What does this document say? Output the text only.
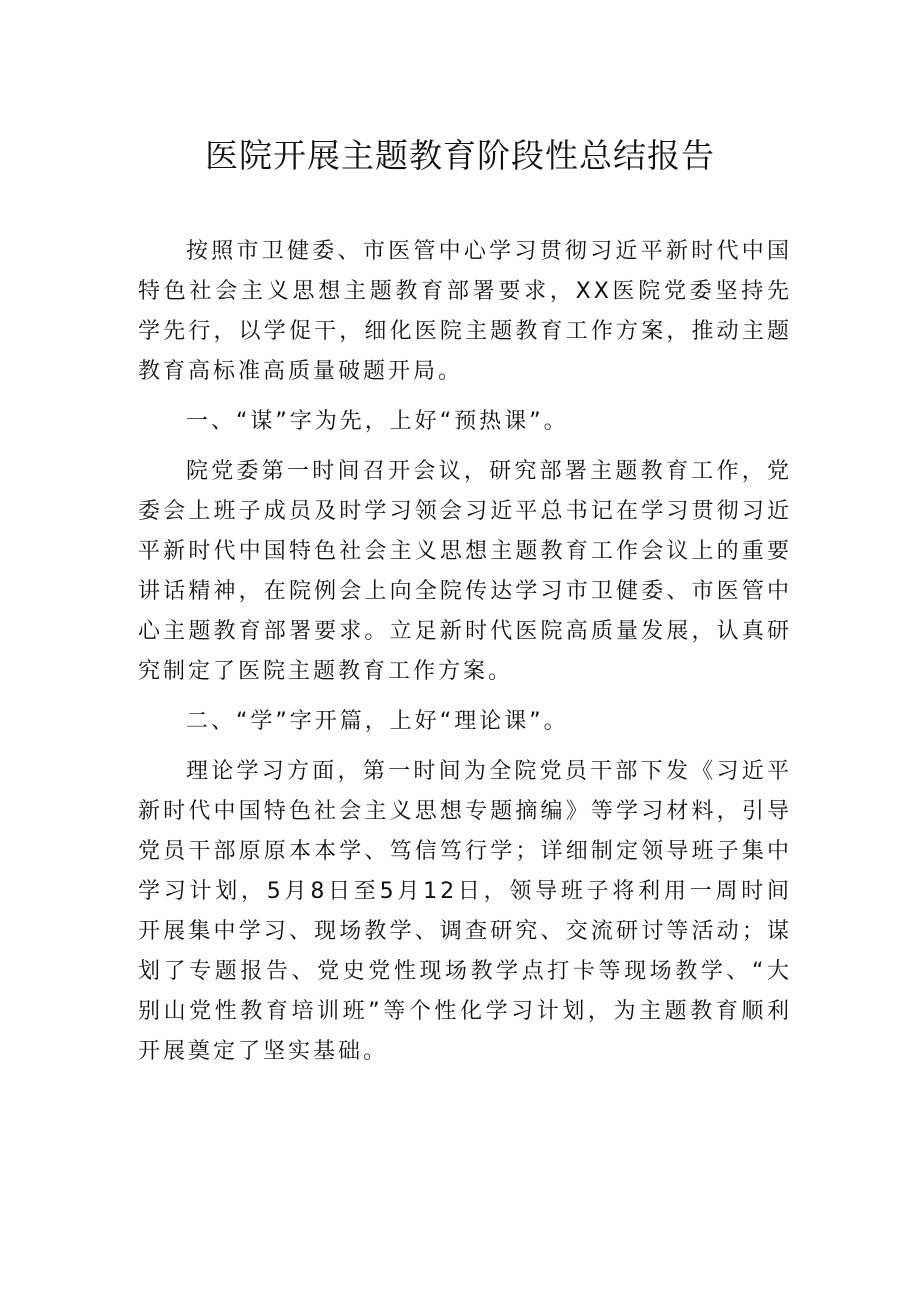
医院开展主题教育阶段性总结报告

按照市卫健委、市医管中心学习贯彻习近平新时代中国特色社会主义思想主题教育部署要求，XX医院党委坚持先学先行，以学促干，细化医院主题教育工作方案，推动主题教育高标准高质量破题开局。

一、“谋”字为先，上好“预热课”。

院党委第一时间召开会议，研究部署主题教育工作，党委会上班子成员及时学习领会习近平总书记在学习贯彻习近平新时代中国特色社会主义思想主题教育工作会议上的重要讲话精神，在院例会上向全院传达学习市卫健委、市医管中心主题教育部署要求。立足新时代医院高质量发展，认真研究制定了医院主题教育工作方案。

二、“学”字开篇，上好“理论课”。

理论学习方面，第一时间为全院党员干部下发《习近平新时代中国特色社会主义思想专题摘编》等学习材料，引导党员干部原原本本学、笃信笃行学；详细制定领导班子集中学习计划，5月8日至5月12日，领导班子将利用一周时间开展集中学习、现场教学、调查研究、交流研讨等活动；谋划了专题报告、党史党性现场教学点打卡等现场教学、“大别山党性教育培训班”等个性化学习计划，为主题教育顺利开展奠定了坚实基础。
